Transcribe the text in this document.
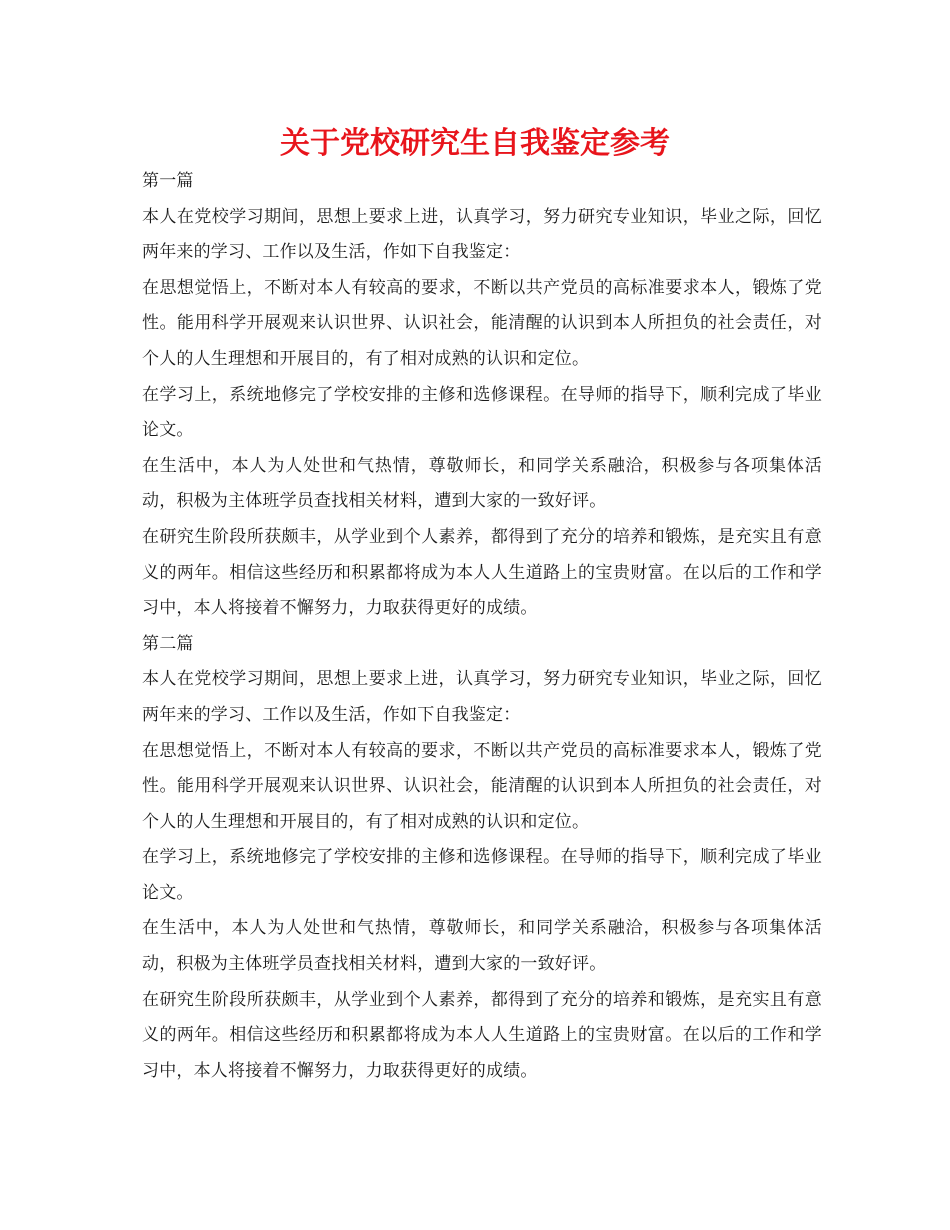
关于党校研究生自我鉴定参考

第一篇

本人在党校学习期间，思想上要求上进，认真学习，努力研究专业知识，毕业之际，回忆两年来的学习、工作以及生活，作如下自我鉴定：

在思想觉悟上，不断对本人有较高的要求，不断以共产党员的高标准要求本人，锻炼了党性。能用科学开展观来认识世界、认识社会，能清醒的认识到本人所担负的社会责任，对个人的人生理想和开展目的，有了相对成熟的认识和定位。

在学习上，系统地修完了学校安排的主修和选修课程。在导师的指导下，顺利完成了毕业论文。

在生活中，本人为人处世和气热情，尊敬师长，和同学关系融洽，积极参与各项集体活动，积极为主体班学员查找相关材料，遭到大家的一致好评。

在研究生阶段所获颇丰，从学业到个人素养，都得到了充分的培养和锻炼，是充实且有意义的两年。相信这些经历和积累都将成为本人人生道路上的宝贵财富。在以后的工作和学习中，本人将接着不懈努力，力取获得更好的成绩。

第二篇

本人在党校学习期间，思想上要求上进，认真学习，努力研究专业知识，毕业之际，回忆两年来的学习、工作以及生活，作如下自我鉴定：

在思想觉悟上，不断对本人有较高的要求，不断以共产党员的高标准要求本人，锻炼了党性。能用科学开展观来认识世界、认识社会，能清醒的认识到本人所担负的社会责任，对个人的人生理想和开展目的，有了相对成熟的认识和定位。

在学习上，系统地修完了学校安排的主修和选修课程。在导师的指导下，顺利完成了毕业论文。

在生活中，本人为人处世和气热情，尊敬师长，和同学关系融洽，积极参与各项集体活动，积极为主体班学员查找相关材料，遭到大家的一致好评。

在研究生阶段所获颇丰，从学业到个人素养，都得到了充分的培养和锻炼，是充实且有意义的两年。相信这些经历和积累都将成为本人人生道路上的宝贵财富。在以后的工作和学习中，本人将接着不懈努力，力取获得更好的成绩。
